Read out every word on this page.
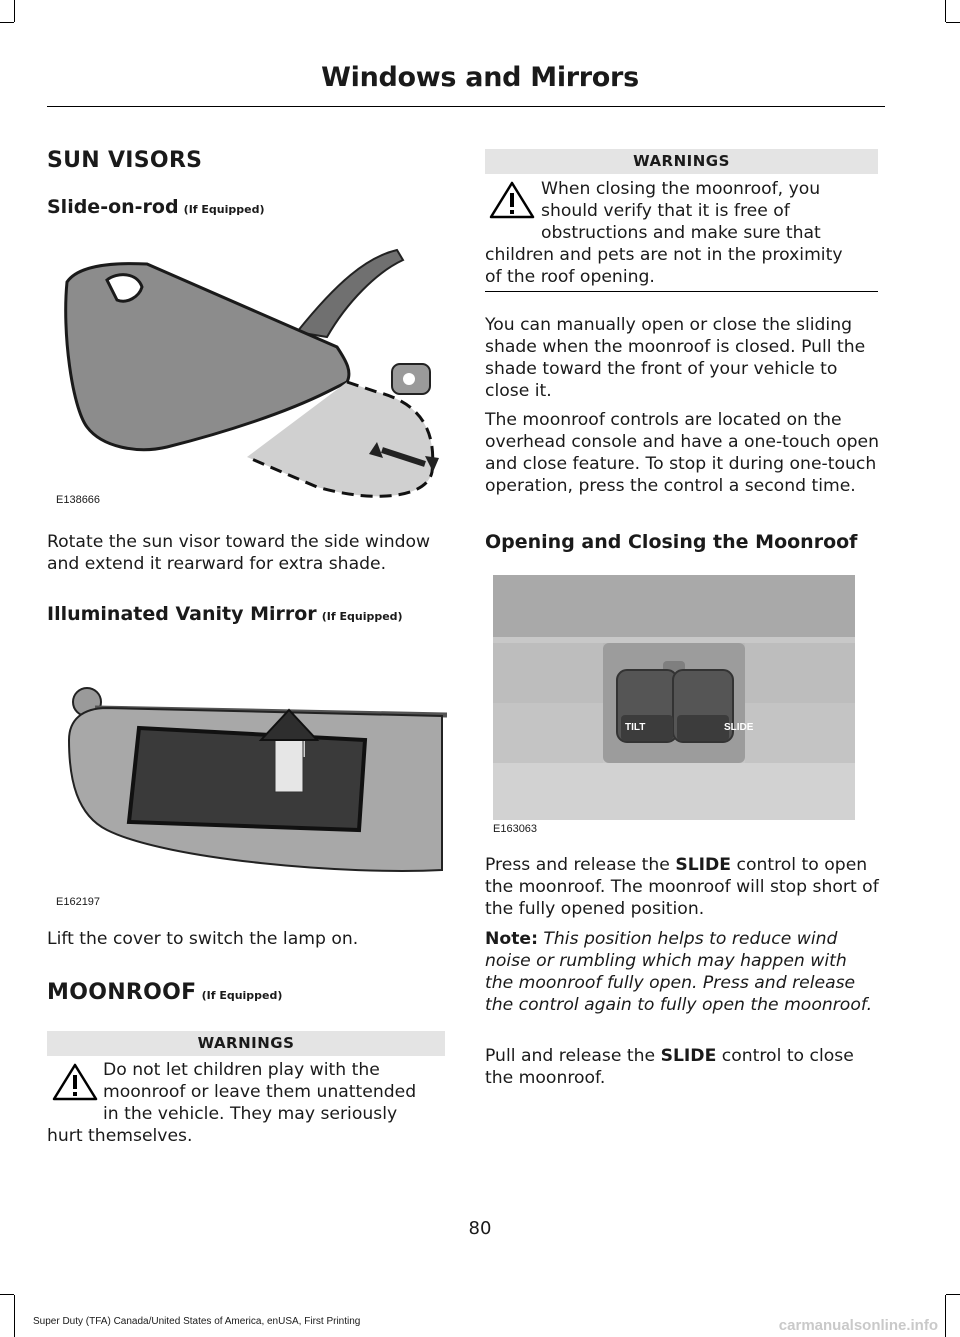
Windows and Mirrors
SUN VISORS
Slide-on-rod (If Equipped)
E138666
Rotate the sun visor toward the side window and extend it rearward for extra shade.
Illuminated Vanity Mirror (If Equipped)
E162197
Lift the cover to switch the lamp on.
MOONROOF (If Equipped)
WARNINGS
Do not let children play with the
moonroof or leave them unattended
in the vehicle. They may seriously
hurt themselves.
WARNINGS
When closing the moonroof, you
should verify that it is free of
obstructions and make sure that
children and pets are not in the proximity
of the roof opening.
You can manually open or close the sliding shade when the moonroof is closed. Pull the shade toward the front of your vehicle to close it.
The moonroof controls are located on the overhead console and have a one-touch open and close feature. To stop it during one-touch operation, press the control a second time.
Opening and Closing the Moonroof
TILT	SLIDE
E163063
Press and release the SLIDE control to open the moonroof. The moonroof will stop short of the fully opened position.
Note: This position helps to reduce wind noise or rumbling which may happen with the moonroof fully open. Press and release the control again to fully open the moonroof.
Pull and release the SLIDE control to close the moonroof.
80
Super Duty (TFA) Canada/United States of America, enUSA, First Printing	carmanualsonline.info
